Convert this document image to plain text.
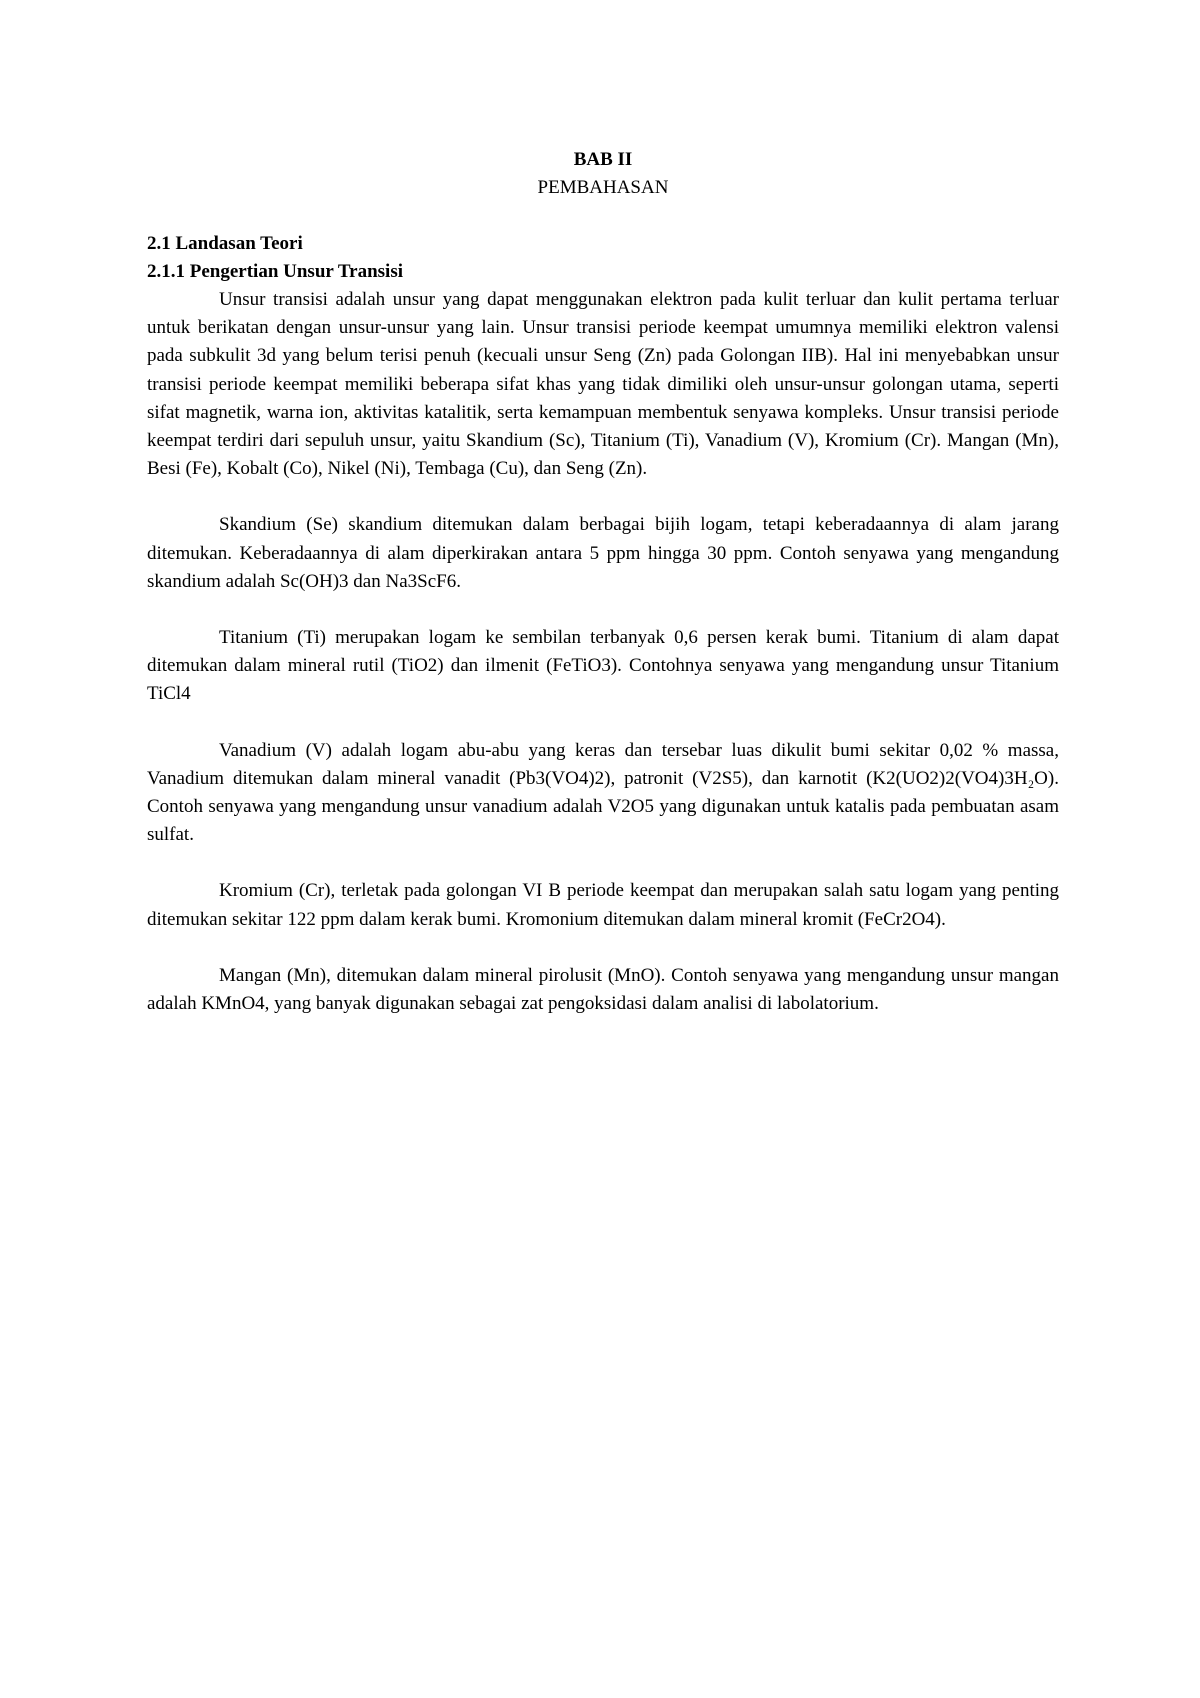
BAB II
PEMBAHASAN
2.1 Landasan Teori
2.1.1 Pengertian Unsur Transisi

Unsur transisi adalah unsur yang dapat menggunakan elektron pada kulit terluar dan kulit pertama terluar untuk berikatan dengan unsur-unsur yang lain. Unsur transisi periode keempat umumnya memiliki elektron valensi pada subkulit 3d yang belum terisi penuh (kecuali unsur Seng (Zn) pada Golongan IIB). Hal ini menyebabkan unsur transisi periode keempat memiliki beberapa sifat khas yang tidak dimiliki oleh unsur-unsur golongan utama, seperti sifat magnetik, warna ion, aktivitas katalitik, serta kemampuan membentuk senyawa kompleks. Unsur transisi periode keempat terdiri dari sepuluh unsur, yaitu Skandium (Sc), Titanium (Ti), Vanadium (V), Kromium (Cr). Mangan (Mn), Besi (Fe), Kobalt (Co), Nikel (Ni), Tembaga (Cu), dan Seng (Zn).

Skandium (Se) skandium ditemukan dalam berbagai bijih logam, tetapi keberadaannya di alam jarang ditemukan. Keberadaannya di alam diperkirakan antara 5 ppm hingga 30 ppm. Contoh senyawa yang mengandung skandium adalah Sc(OH)3 dan Na3ScF6.

Titanium (Ti) merupakan logam ke sembilan terbanyak 0,6 persen kerak bumi. Titanium di alam dapat ditemukan dalam mineral rutil (TiO2) dan ilmenit (FeTiO3). Contohnya senyawa yang mengandung unsur Titanium TiCl4

Vanadium (V) adalah logam abu-abu yang keras dan tersebar luas dikulit bumi sekitar 0,02 % massa, Vanadium ditemukan dalam mineral vanadit (Pb3(VO4)2), patronit (V2S5), dan karnotit (K2(UO2)2(VO4)3H₂O). Contoh senyawa yang mengandung unsur vanadium adalah V2O5 yang digunakan untuk katalis pada pembuatan asam sulfat.

Kromium (Cr), terletak pada golongan VI B periode keempat dan merupakan salah satu logam yang penting ditemukan sekitar 122 ppm dalam kerak bumi. Kromonium ditemukan dalam mineral kromit (FeCr2O4).

Mangan (Mn), ditemukan dalam mineral pirolusit (MnO). Contoh senyawa yang mengandung unsur mangan adalah KMnO4, yang banyak digunakan sebagai zat pengoksidasi dalam analisi di labolatorium.
